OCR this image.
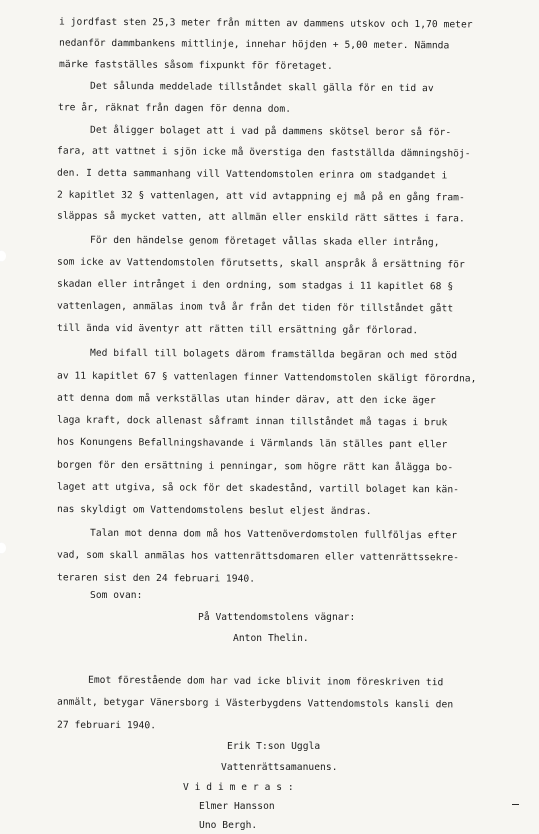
i jordfast sten 25,3 meter från mitten av dammens utskov och 1,70 meter
nedanför dammbankens mittlinje, innehar höjden + 5,00 meter. Nämnda
märke fastställes såsom fixpunkt för företaget.
Det sålunda meddelade tillståndet skall gälla för en tid av
tre år, räknat från dagen för denna dom.
Det åligger bolaget att i vad på dammens skötsel beror så för-
fara, att vattnet i sjön icke må överstiga den fastställda dämningshöj-
den. I detta sammanhang vill Vattendomstolen erinra om stadgandet i
2 kapitlet 32 § vattenlagen, att vid avtappning ej må på en gång fram-
släppas så mycket vatten, att allmän eller enskild rätt sättes i fara.
För den händelse genom företaget vållas skada eller intrång,
som icke av Vattendomstolen förutsetts, skall anspråk å ersättning för
skadan eller intrånget i den ordning, som stadgas i 11 kapitlet 68 §
vattenlagen, anmälas inom två år från det tiden för tillståndet gått
till ända vid äventyr att rätten till ersättning går förlorad.
Med bifall till bolagets därom framställda begäran och med stöd
av 11 kapitlet 67 § vattenlagen finner Vattendomstolen skäligt förordna,
att denna dom må verkställas utan hinder därav, att den icke äger
laga kraft, dock allenast såframt innan tillståndet må tagas i bruk
hos Konungens Befallningshavande i Värmlands län ställes pant eller
borgen för den ersättning i penningar, som högre rätt kan ålägga bo-
laget att utgiva, så ock för det skadestånd, vartill bolaget kan kän-
nas skyldigt om Vattendomstolens beslut eljest ändras.
Talan mot denna dom må hos Vattenöverdomstolen fullföljas efter
vad, som skall anmälas hos vattenrättsdomaren eller vattenrättssekre-
teraren sist den 24 februari 1940.
Som ovan:
På Vattendomstolens vägnar:
Anton Thelin.
Emot förestående dom har vad icke blivit inom föreskriven tid
anmält, betygar Vänersborg i Västerbygdens Vattendomstols kansli den
27 februari 1940.
Erik T:son Uggla
Vattenrättsamanuens.
V i d i m e r a s :
Elmer Hansson
Uno Bergh.
